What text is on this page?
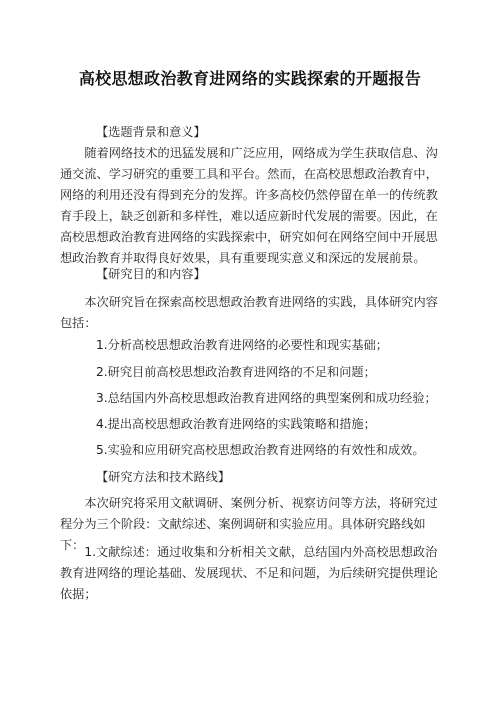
高校思想政治教育进网络的实践探索的开题报告
【选题背景和意义】
随着网络技术的迅猛发展和广泛应用，网络成为学生获取信息、沟通交流、学习研究的重要工具和平台。然而，在高校思想政治教育中，网络的利用还没有得到充分的发挥。许多高校仍然停留在单一的传统教育手段上，缺乏创新和多样性，难以适应新时代发展的需要。因此，在高校思想政治教育进网络的实践探索中，研究如何在网络空间中开展思想政治教育并取得良好效果，具有重要现实意义和深远的发展前景。
【研究目的和内容】
本次研究旨在探索高校思想政治教育进网络的实践，具体研究内容包括：
1.分析高校思想政治教育进网络的必要性和现实基础；
2.研究目前高校思想政治教育进网络的不足和问题；
3.总结国内外高校思想政治教育进网络的典型案例和成功经验；
4.提出高校思想政治教育进网络的实践策略和措施；
5.实验和应用研究高校思想政治教育进网络的有效性和成效。
【研究方法和技术路线】
本次研究将采用文献调研、案例分析、视察访问等方法，将研究过程分为三个阶段：文献综述、案例调研和实验应用。具体研究路线如下： 1.文献综述：通过收集和分析相关文献，总结国内外高校思想政治教育进网络的理论基础、发展现状、不足和问题，为后续研究提供理论依据；
